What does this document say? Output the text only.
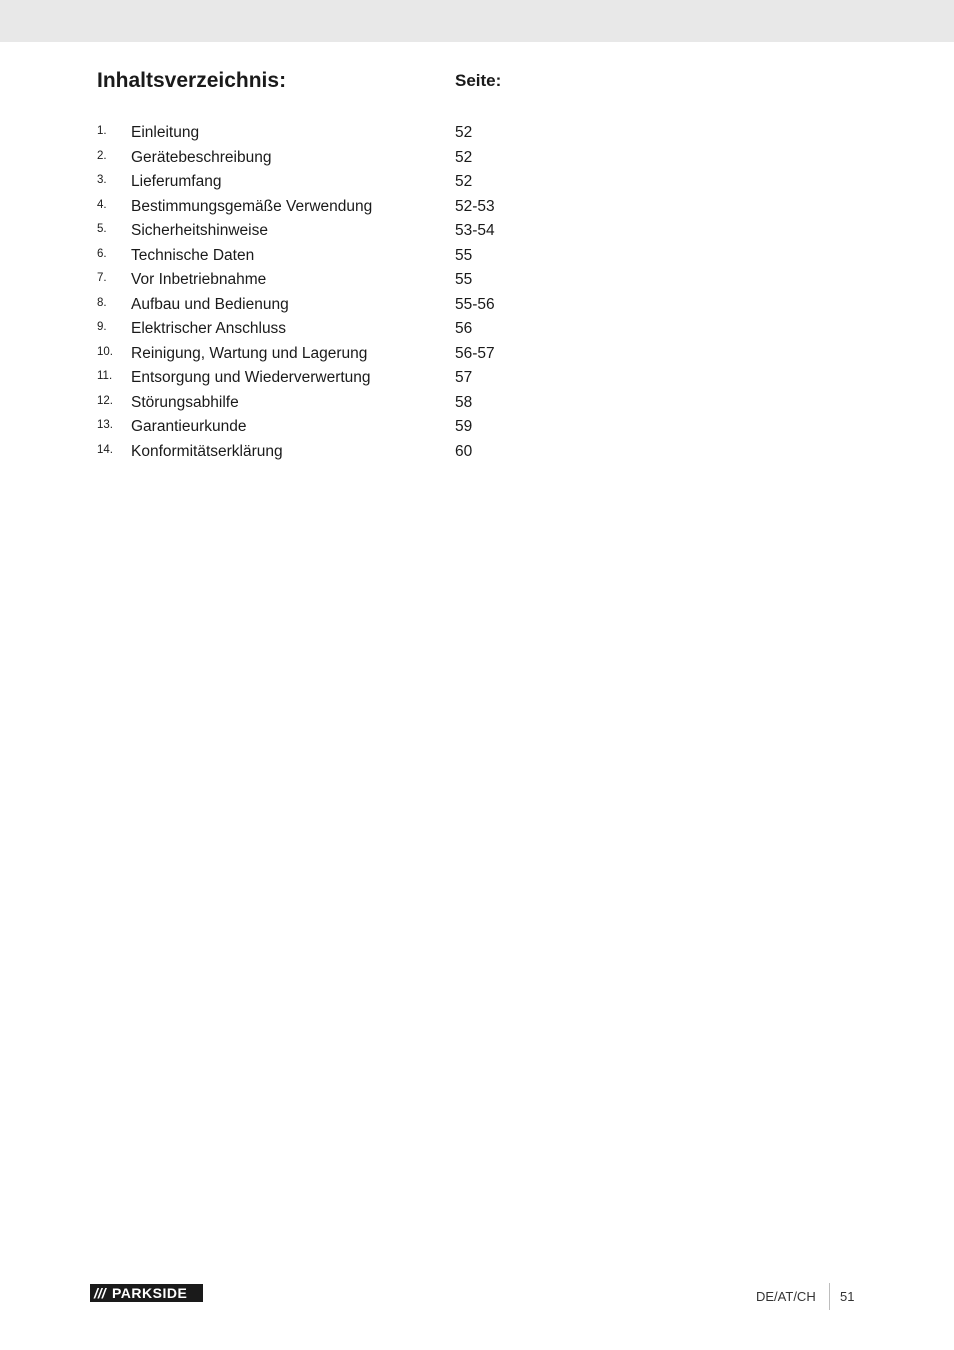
Inhaltsverzeichnis:	Seite:
1. Einleitung	52
2. Gerätebeschreibung	52
3. Lieferumfang	52
4. Bestimmungsgemäße Verwendung	52-53
5. Sicherheitshinweise	53-54
6. Technische Daten	55
7. Vor Inbetriebnahme	55
8. Aufbau und Bedienung	55-56
9. Elektrischer Anschluss	56
10. Reinigung, Wartung und Lagerung	56-57
11. Entsorgung und Wiederverwertung	57
12. Störungsabhilfe	58
13. Garantieurkunde	59
14. Konformitätserklärung	60
/// PARKSIDE	DE/AT/CH 51
